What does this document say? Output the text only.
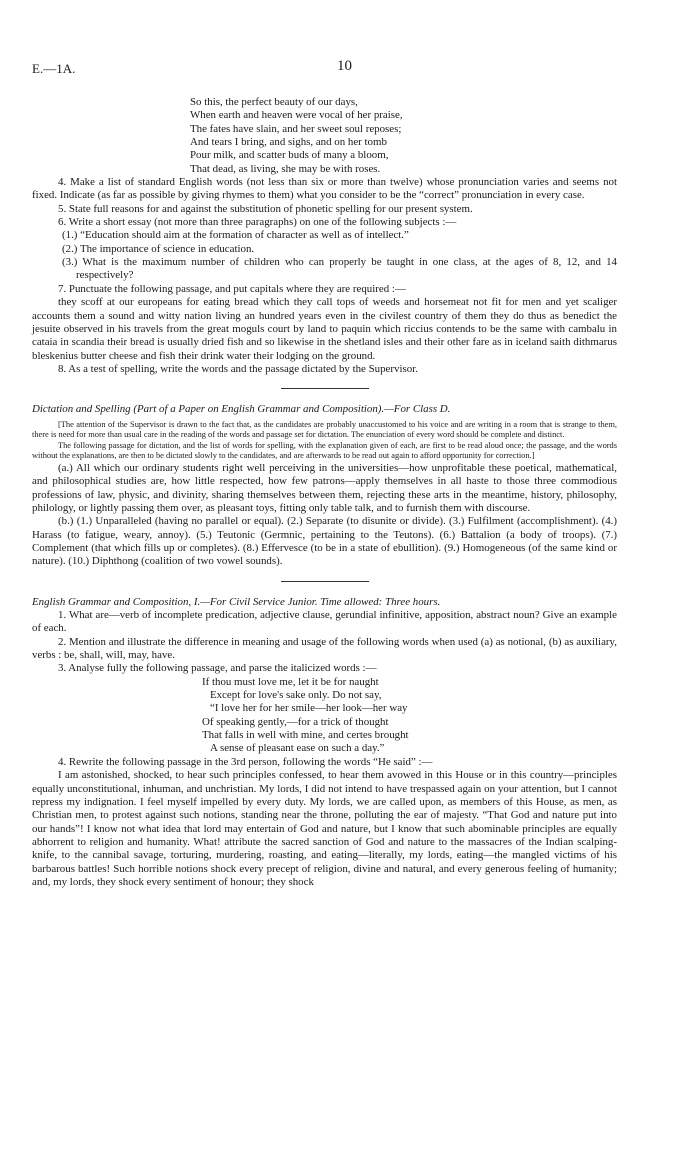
E.—1A.	10
So this, the perfect beauty of our days,
When earth and heaven were vocal of her praise,
The fates have slain, and her sweet soul reposes;
And tears I bring, and sighs, and on her tomb
Pour milk, and scatter buds of many a bloom,
That dead, as living, she may be with roses.

4. Make a list of standard English words (not less than six or more than twelve) whose pronunciation varies and seems not fixed. Indicate (as far as possible by giving rhymes to them) what you consider to be the “correct” pronunciation in every case.

5. State full reasons for and against the substitution of phonetic spelling for our present system.

6. Write a short essay (not more than three paragraphs) on one of the following subjects :—

(1.) “Education should aim at the formation of character as well as of intellect.”

(2.) The importance of science in education.

(3.) What is the maximum number of children who can properly be taught in one class, at the ages of 8, 12, and 14 respectively?

7. Punctuate the following passage, and put capitals where they are required :—

they scoff at our europeans for eating bread which they call tops of weeds and horsemeat not fit for men and yet scaliger accounts them a sound and witty nation living an hundred years even in the civilest country of them they do thus as benedict the jesuite observed in his travels from the great moguls court by land to paquin which riccius contends to be the same with cambalu in cataia in scandia their bread is usually dried fish and so likewise in the shetland isles and their other fare as in iceland saith dithmarus bleskenius butter cheese and fish their drink water their lodging on the ground.

8. As a test of spelling, write the words and the passage dictated by the Supervisor.

Dictation and Spelling (Part of a Paper on English Grammar and Composition).—For Class D.

[The attention of the Supervisor is drawn to the fact that, as the candidates are probably unaccustomed to his voice and are writing in a room that is strange to them, there is need for more than usual care in the reading of the words and passage set for dictation. The enunciation of every word should be complete and distinct.

The following passage for dictation, and the list of words for spelling, with the explanation given of each, are first to be read aloud once; the passage, and the words without the explanations, are then to be dictated slowly to the candidates, and are afterwards to be read out again to afford opportunity for correction.]

(a.) All which our ordinary students right well perceiving in the universities—how unprofitable these poetical, mathematical, and philosophical studies are, how little respected, how few patrons—apply themselves in all haste to those three commodious professions of law, physic, and divinity, sharing themselves between them, rejecting these arts in the meantime, history, philosophy, philology, or lightly passing them over, as pleasant toys, fitting only table talk, and to furnish them with discourse.

(b.) (1.) Unparalleled (having no parallel or equal). (2.) Separate (to disunite or divide). (3.) Fulfilment (accomplishment). (4.) Harass (to fatigue, weary, annoy). (5.) Teutonic (Germnic, pertaining to the Teutons). (6.) Battalion (a body of troops). (7.) Complement (that which fills up or completes). (8.) Effervesce (to be in a state of ebullition). (9.) Homogeneous (of the same kind or nature). (10.) Diphthong (coalition of two vowel sounds).

English Grammar and Composition, I.—For Civil Service Junior. Time allowed: Three hours.

1. What are—verb of incomplete predication, adjective clause, gerundial infinitive, apposition, abstract noun? Give an example of each.

2. Mention and illustrate the difference in meaning and usage of the following words when used (a) as notional, (b) as auxiliary, verbs : be, shall, will, may, have.

3. Analyse fully the following passage, and parse the italicized words :—

If thou must love me, let it be for naught
Except for love's sake only. Do not say,
“I love her for her smile—her look—her way
Of speaking gently,—for a trick of thought
That falls in well with mine, and certes brought
A sense of pleasant ease on such a day.”

4. Rewrite the following passage in the 3rd person, following the words “He said” :—

I am astonished, shocked, to hear such principles confessed, to hear them avowed in this House or in this country—principles equally unconstitutional, inhuman, and unchristian. My lords, I did not intend to have trespassed again on your attention, but I cannot repress my indignation. I feel myself impelled by every duty. My lords, we are called upon, as members of this House, as men, as Christian men, to protest against such notions, standing near the throne, polluting the ear of majesty. “That God and nature put into our hands”! I know not what idea that lord may entertain of God and nature, but I know that such abominable principles are equally abhorrent to religion and humanity. What! attribute the sacred sanction of God and nature to the massacres of the Indian scalping-knife, to the cannibal savage, torturing, murdering, roasting, and eating—literally, my lords, eating—the mangled victims of his barbarous battles! Such horrible notions shock every precept of religion, divine and natural, and every generous feeling of humanity; and, my lords, they shock every sentiment of honour; they shock
